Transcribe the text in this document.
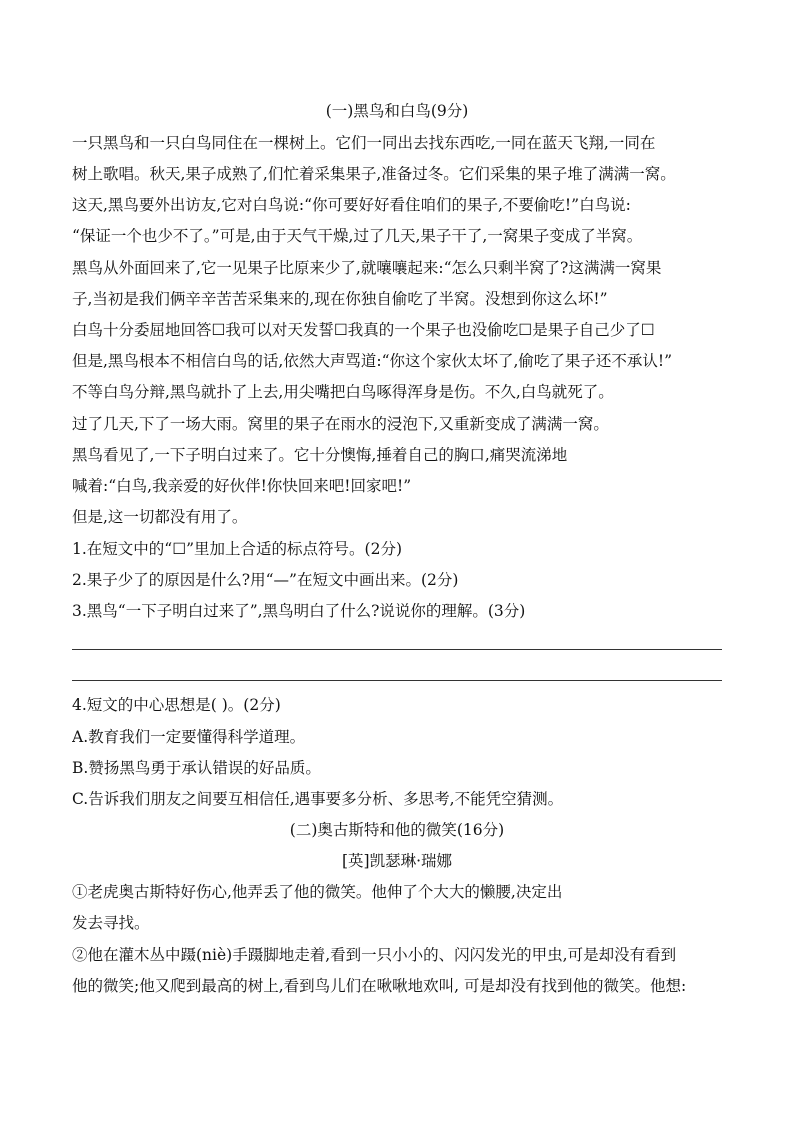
(一)黑鸟和白鸟(9分)
一只黑鸟和一只白鸟同住在一棵树上。它们一同出去找东西吃,一同在蓝天飞翔,一同在
树上歌唱。秋天,果子成熟了,们忙着采集果子,准备过冬。它们采集的果子堆了满满一窝。
这天,黑鸟要外出访友,它对白鸟说:“你可要好好看住咱们的果子,不要偷吃!”白鸟说:
“保证一个也少不了。”可是,由于天气干燥,过了几天,果子干了,一窝果子变成了半窝。
黑鸟从外面回来了,它一见果子比原来少了,就嚷嚷起来:“怎么只剩半窝了?这满满一窝果
子,当初是我们俩辛辛苦苦采集来的,现在你独自偷吃了半窝。没想到你这么坏!”
白鸟十分委屈地回答☐我可以对天发誓☐我真的一个果子也没偷吃☐是果子自己少了☐
但是,黑鸟根本不相信白鸟的话,依然大声骂道:“你这个家伙太坏了,偷吃了果子还不承认!”
不等白鸟分辩,黑鸟就扑了上去,用尖嘴把白鸟啄得浑身是伤。不久,白鸟就死了。
过了几天,下了一场大雨。窝里的果子在雨水的浸泡下,又重新变成了满满一窝。
黑鸟看见了,一下子明白过来了。它十分懊悔,捶着自己的胸口,痛哭流涕地
喊着:“白鸟,我亲爱的好伙伴!你快回来吧!回家吧!”
但是,这一切都没有用了。
1.在短文中的“☐”里加上合适的标点符号。(2分)
2.果子少了的原因是什么?用“—”在短文中画出来。(2分)
3.黑鸟“一下子明白过来了”,黑鸟明白了什么?说说你的理解。(3分)
4.短文的中心思想是( )。(2分)
A.教育我们一定要懂得科学道理。
B.赞扬黑鸟勇于承认错误的好品质。
C.告诉我们朋友之间要互相信任,遇事要多分析、多思考,不能凭空猜测。
(二)奥古斯特和他的微笑(16分)
[英]凯瑟琳·瑞娜
①老虎奥古斯特好伤心,他弄丢了他的微笑。他伸了个大大的懒腰,决定出
发去寻找。
②他在灌木丛中蹑(niè)手蹑脚地走着,看到一只小小的、闪闪发光的甲虫,可是却没有看到
他的微笑;他又爬到最高的树上,看到鸟儿们在啾啾地欢叫, 可是却没有找到他的微笑。他想:
